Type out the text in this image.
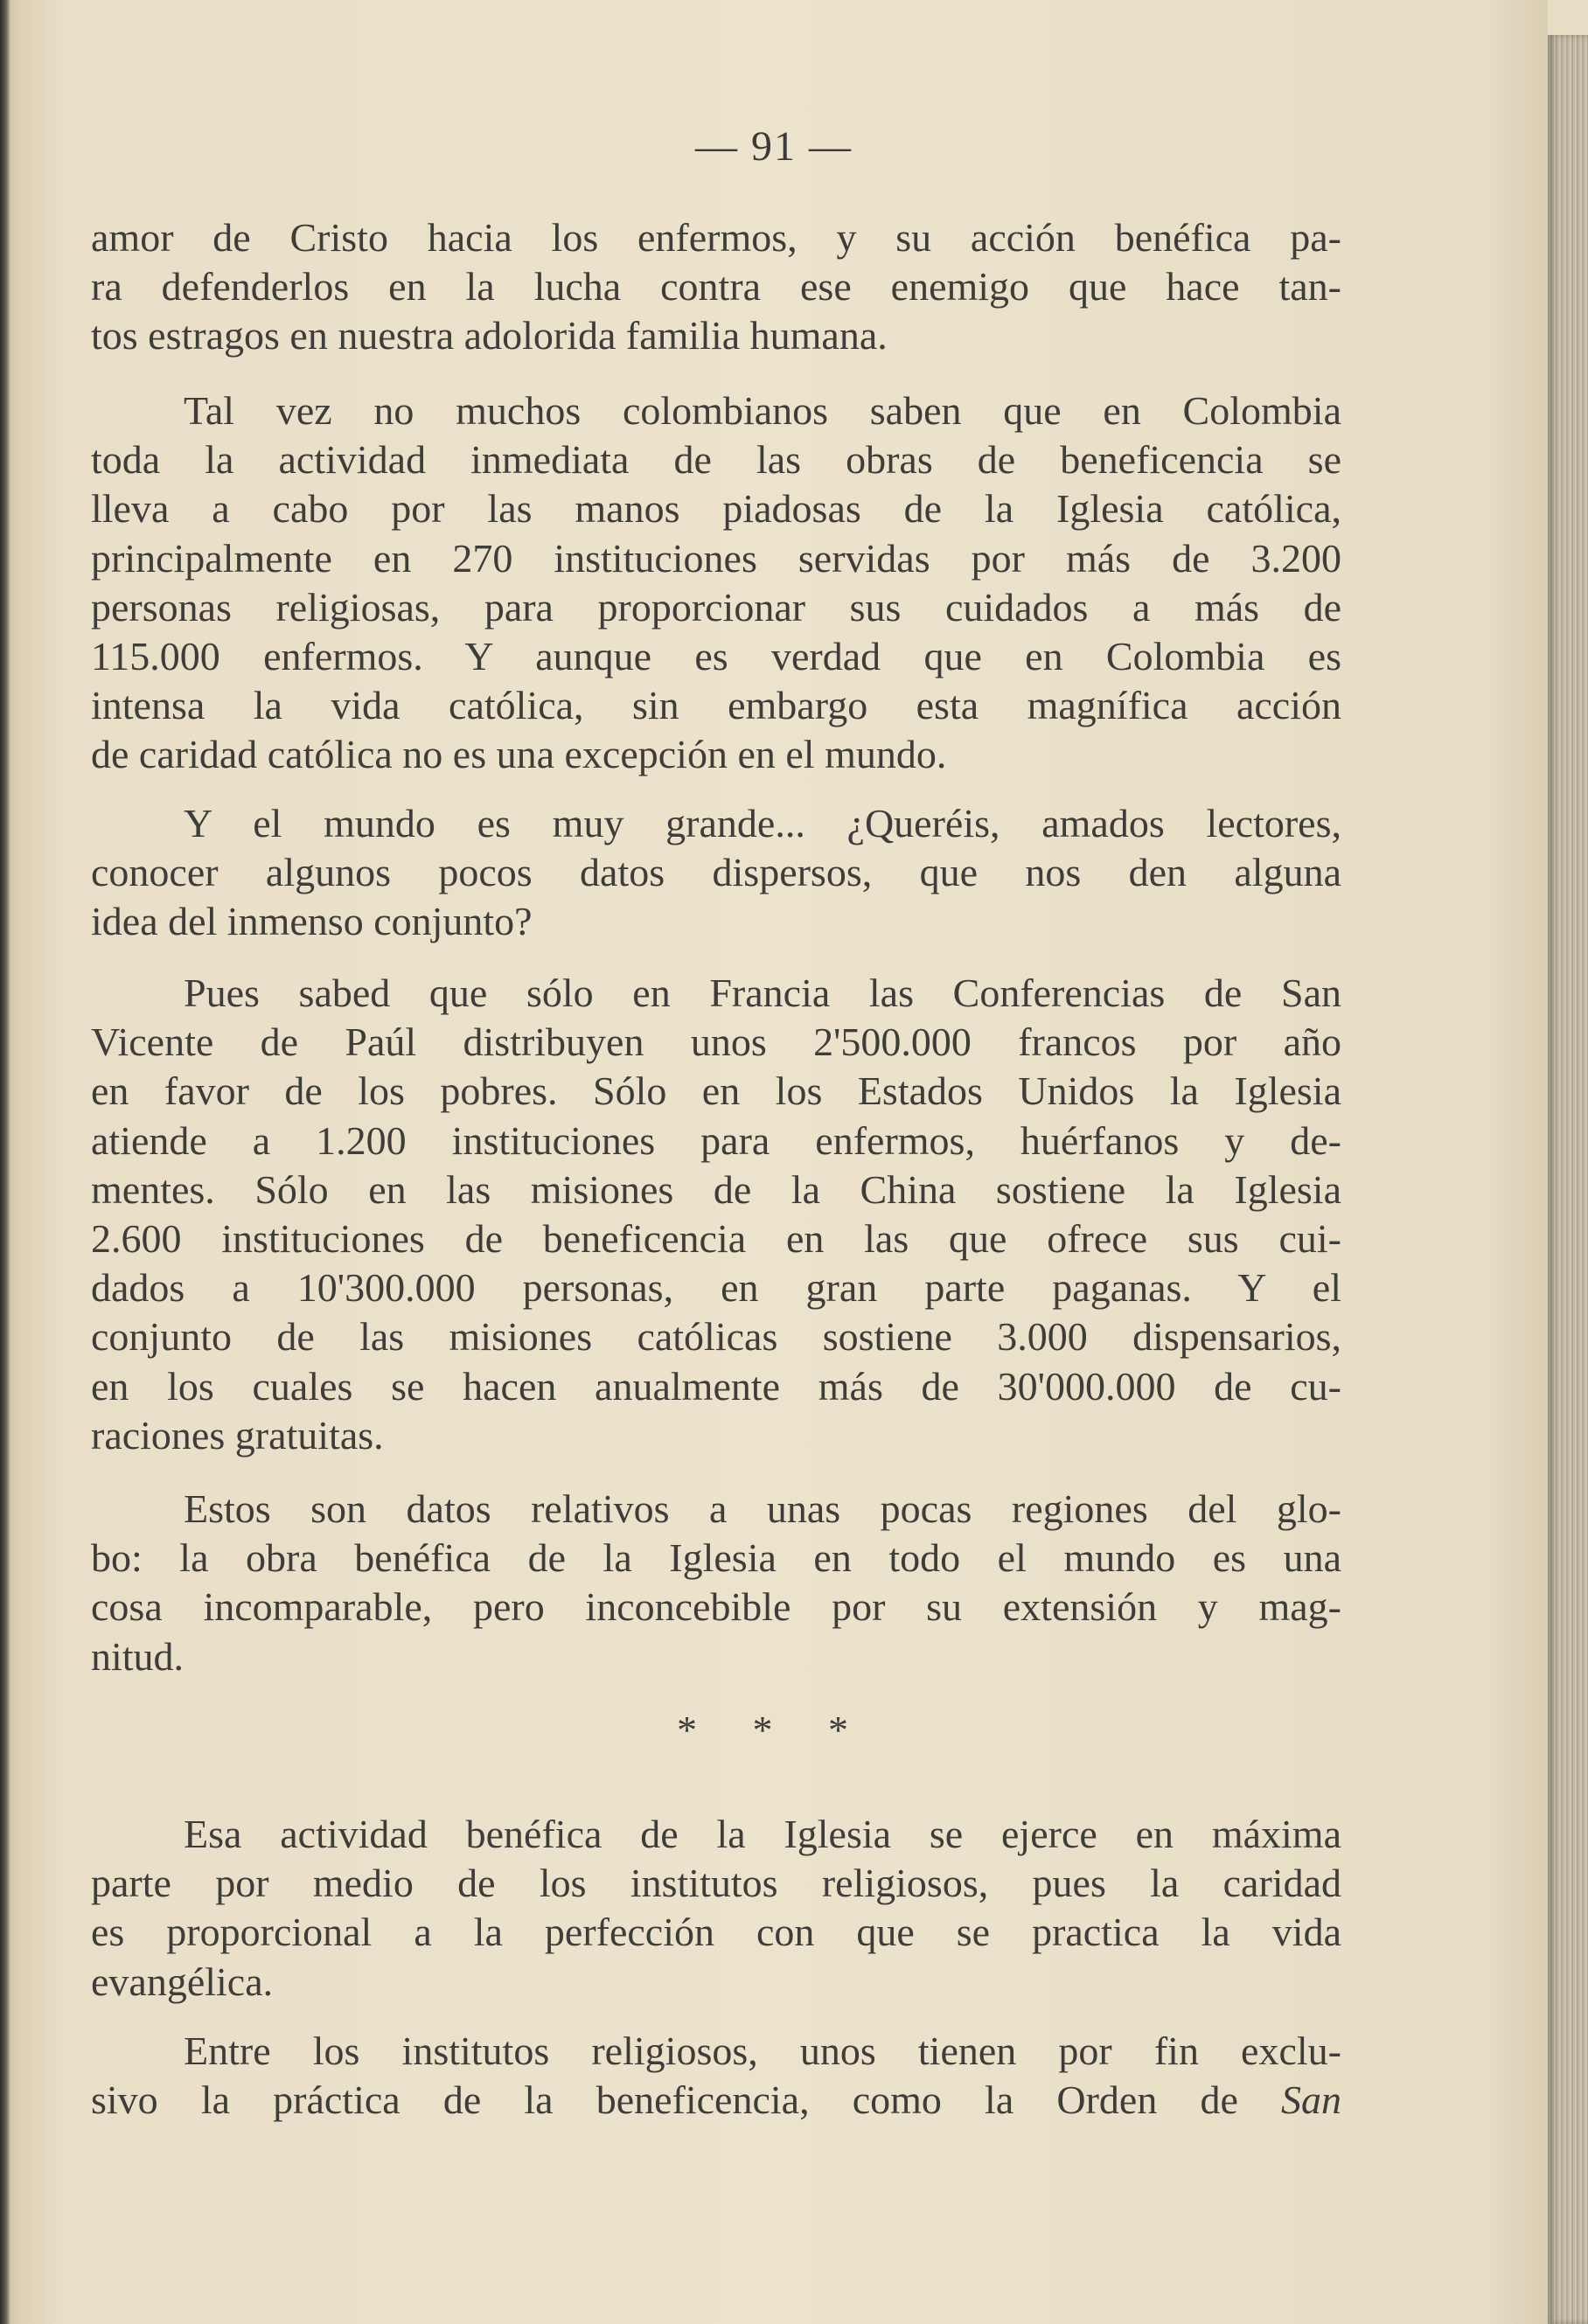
— 91 —
amor de Cristo hacia los enfermos, y su acción benéfica pa-
ra defenderlos en la lucha contra ese enemigo que hace tan-
tos estragos en nuestra adolorida familia humana.
Tal vez no muchos colombianos saben que en Colombia
toda la actividad inmediata de las obras de beneficencia se
lleva a cabo por las manos piadosas de la Iglesia católica,
principalmente en 270 instituciones servidas por más de 3.200
personas religiosas, para proporcionar sus cuidados a más de
115.000 enfermos. Y aunque es verdad que en Colombia es
intensa la vida católica, sin embargo esta magnífica acción
de caridad católica no es una excepción en el mundo.
Y el mundo es muy grande... ¿Queréis, amados lectores,
conocer algunos pocos datos dispersos, que nos den alguna
idea del inmenso conjunto?
Pues sabed que sólo en Francia las Conferencias de San
Vicente de Paúl distribuyen unos 2'500.000 francos por año
en favor de los pobres. Sólo en los Estados Unidos la Iglesia
atiende a 1.200 instituciones para enfermos, huérfanos y de-
mentes. Sólo en las misiones de la China sostiene la Iglesia
2.600 instituciones de beneficencia en las que ofrece sus cui-
dados a 10'300.000 personas, en gran parte paganas. Y el
conjunto de las misiones católicas sostiene 3.000 dispensarios,
en los cuales se hacen anualmente más de 30'000.000 de cu-
raciones gratuitas.
Estos son datos relativos a unas pocas regiones del glo-
bo: la obra benéfica de la Iglesia en todo el mundo es una
cosa incomparable, pero inconcebible por su extensión y mag-
nitud.
* * *
Esa actividad benéfica de la Iglesia se ejerce en máxima
parte por medio de los institutos religiosos, pues la caridad
es proporcional a la perfección con que se practica la vida
evangélica.
Entre los institutos religiosos, unos tienen por fin exclu-
sivo la práctica de la beneficencia, como la Orden de San
